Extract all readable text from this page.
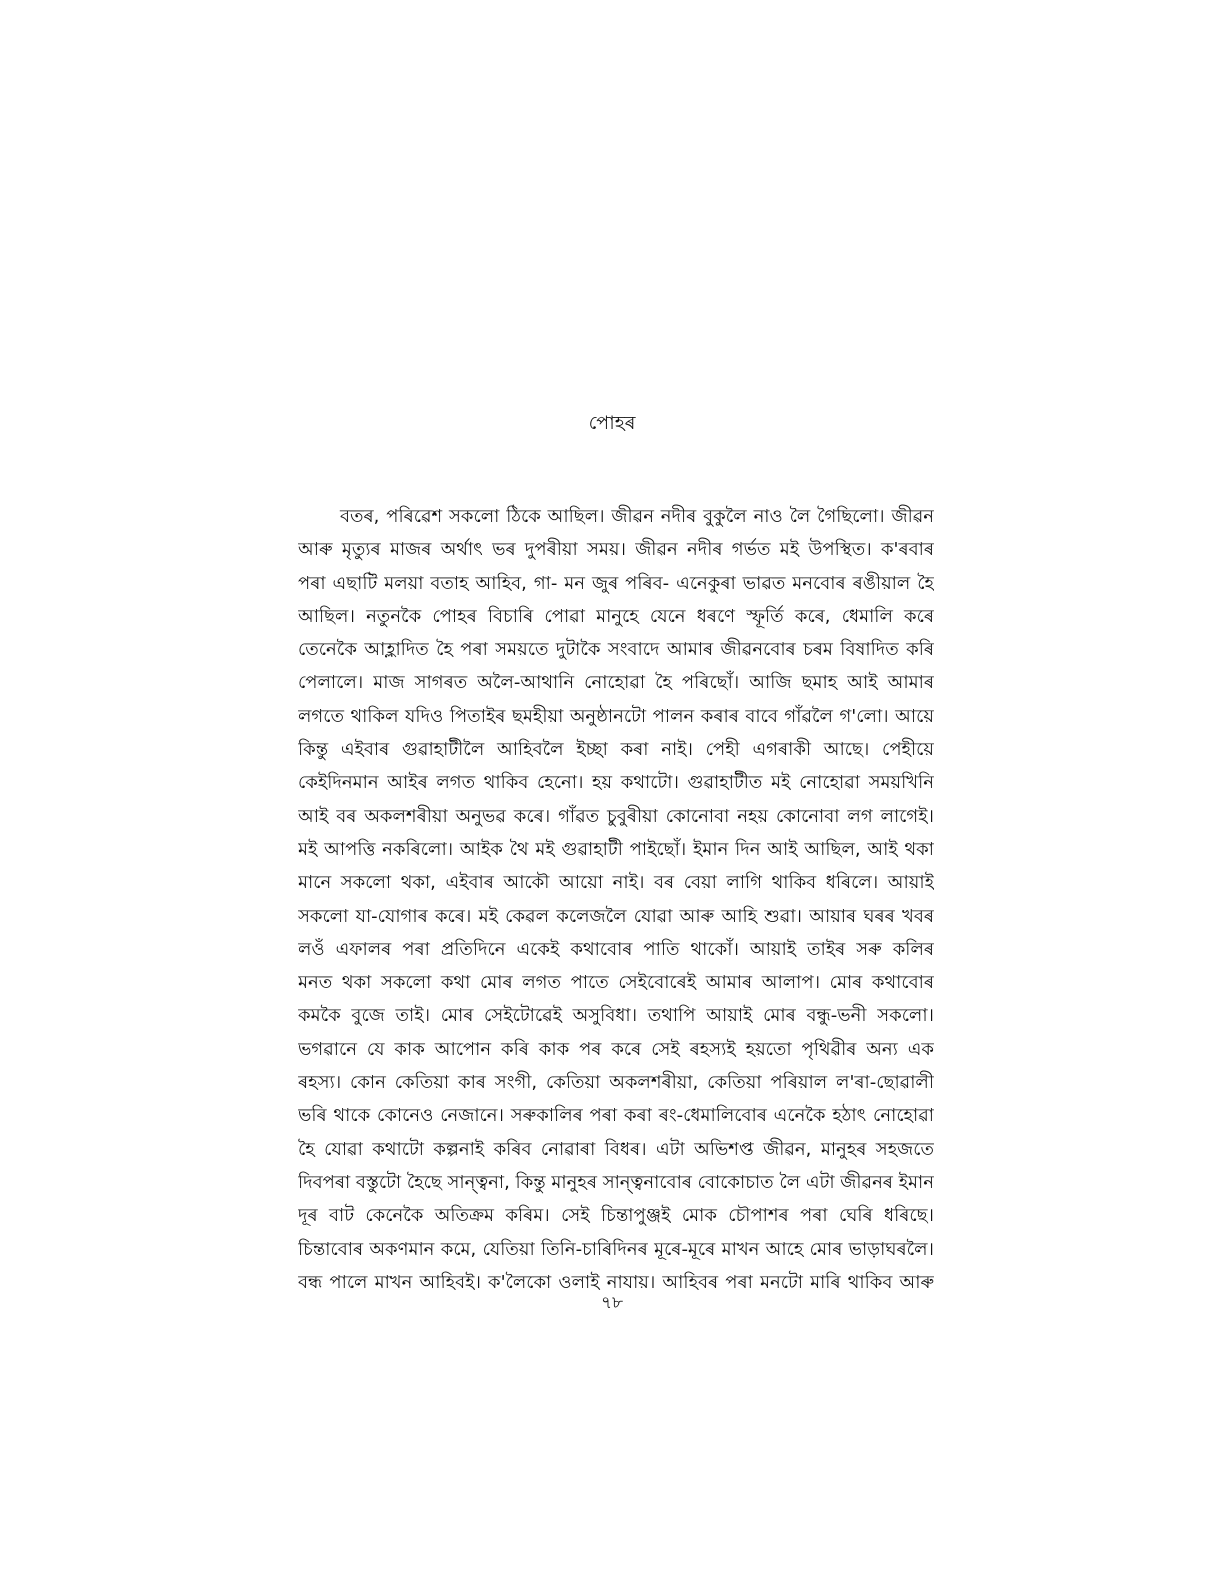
পোহৰ
বতৰ, পৰিৱেশ সকলো ঠিকে আছিল। জীৱন নদীৰ বুকুলৈ নাও লৈ গৈছিলো। জীৱন
আৰু মৃত্যুৰ মাজৰ অৰ্থাৎ ভৰ দুপৰীয়া সময়। জীৱন নদীৰ গৰ্ভত মই উপস্থিত। ক'ৰবাৰ
পৰা এছাটি মলয়া বতাহ আহিব, গা- মন জুৰ পৰিব- এনেকুৰা ভাৱত মনবোৰ ৰঙীয়াল হৈ
আছিল। নতুনকৈ পোহৰ বিচাৰি পোৱা মানুহে যেনে ধৰণে স্ফূৰ্তি কৰে, ধেমালি কৰে
তেনেকৈ আহ্লাদিত হৈ পৰা সময়তে দুটাকৈ সংবাদে আমাৰ জীৱনবোৰ চৰম বিষাদিত কৰি
পেলালে। মাজ সাগৰত অলৈ-আথানি নোহোৱা হৈ পৰিছোঁ। আজি ছমাহ আই আমাৰ
লগতে থাকিল যদিও পিতাইৰ ছমহীয়া অনুষ্ঠানটো পালন কৰাৰ বাবে গাঁৱলৈ গ'লো। আয়ে
কিন্তু এইবাৰ গুৱাহাটীলৈ আহিবলৈ ইচ্ছা কৰা নাই। পেহী এগৰাকী আছে। পেহীয়ে
কেইদিনমান আইৰ লগত থাকিব হেনো। হয় কথাটো। গুৱাহাটীত মই নোহোৱা সময়খিনি
আই বৰ অকলশৰীয়া অনুভৱ কৰে। গাঁৱত চুবুৰীয়া কোনোবা নহয় কোনোবা লগ লাগেই।
মই আপত্তি নকৰিলো। আইক থৈ মই গুৱাহাটী পাইছোঁ। ইমান দিন আই আছিল, আই থকা
মানে সকলো থকা, এইবাৰ আকৌ আয়ো নাই। বৰ বেয়া লাগি থাকিব ধৰিলে। আয়াই
সকলো যা-যোগাৰ কৰে। মই কেৱল কলেজলৈ যোৱা আৰু আহি শুৱা। আয়াৰ ঘৰৰ খবৰ
লওঁ এফালৰ পৰা প্ৰতিদিনে একেই কথাবোৰ পাতি থাকোঁ। আয়াই তাইৰ সৰু কলিৰ
মনত থকা সকলো কথা মোৰ লগত পাতে সেইবোৰেই আমাৰ আলাপ। মোৰ কথাবোৰ
কমকৈ বুজে তাই। মোৰ সেইটোৱেই অসুবিধা। তথাপি আয়াই মোৰ বন্ধু-ভনী সকলো।
ভগৱানে যে কাক আপোন কৰি কাক পৰ কৰে সেই ৰহস্যই হয়তো পৃথিৱীৰ অন্য এক
ৰহস্য। কোন কেতিয়া কাৰ সংগী, কেতিয়া অকলশৰীয়া, কেতিয়া পৰিয়াল ল'ৰা-ছোৱালী
ভৰি থাকে কোনেও নেজানে। সৰুকালিৰ পৰা কৰা ৰং-ধেমালিবোৰ এনেকৈ হঠাৎ নোহোৱা
হৈ যোৱা কথাটো কল্পনাই কৰিব নোৱাৰা বিধৰ। এটা অভিশপ্ত জীৱন, মানুহৰ সহজতে
দিবপৰা বস্তুটো হৈছে সান্ত্বনা, কিন্তু মানুহৰ সান্ত্বনাবোৰ বোকোচাত লৈ এটা জীৱনৰ ইমান
দূৰ বাট কেনেকৈ অতিক্ৰম কৰিম। সেই চিন্তাপুঞ্জই মোক চৌপাশৰ পৰা ঘেৰি ধৰিছে।
চিন্তাবোৰ অকণমান কমে, যেতিয়া তিনি-চাৰিদিনৰ মূৰে-মূৰে মাখন আহে মোৰ ভাড়াঘৰলৈ।
বন্ধ পালে মাখন আহিবই। ক'লৈকো ওলাই নাযায়। আহিবৰ পৰা মনটো মাৰি থাকিব আৰু
৭৮
